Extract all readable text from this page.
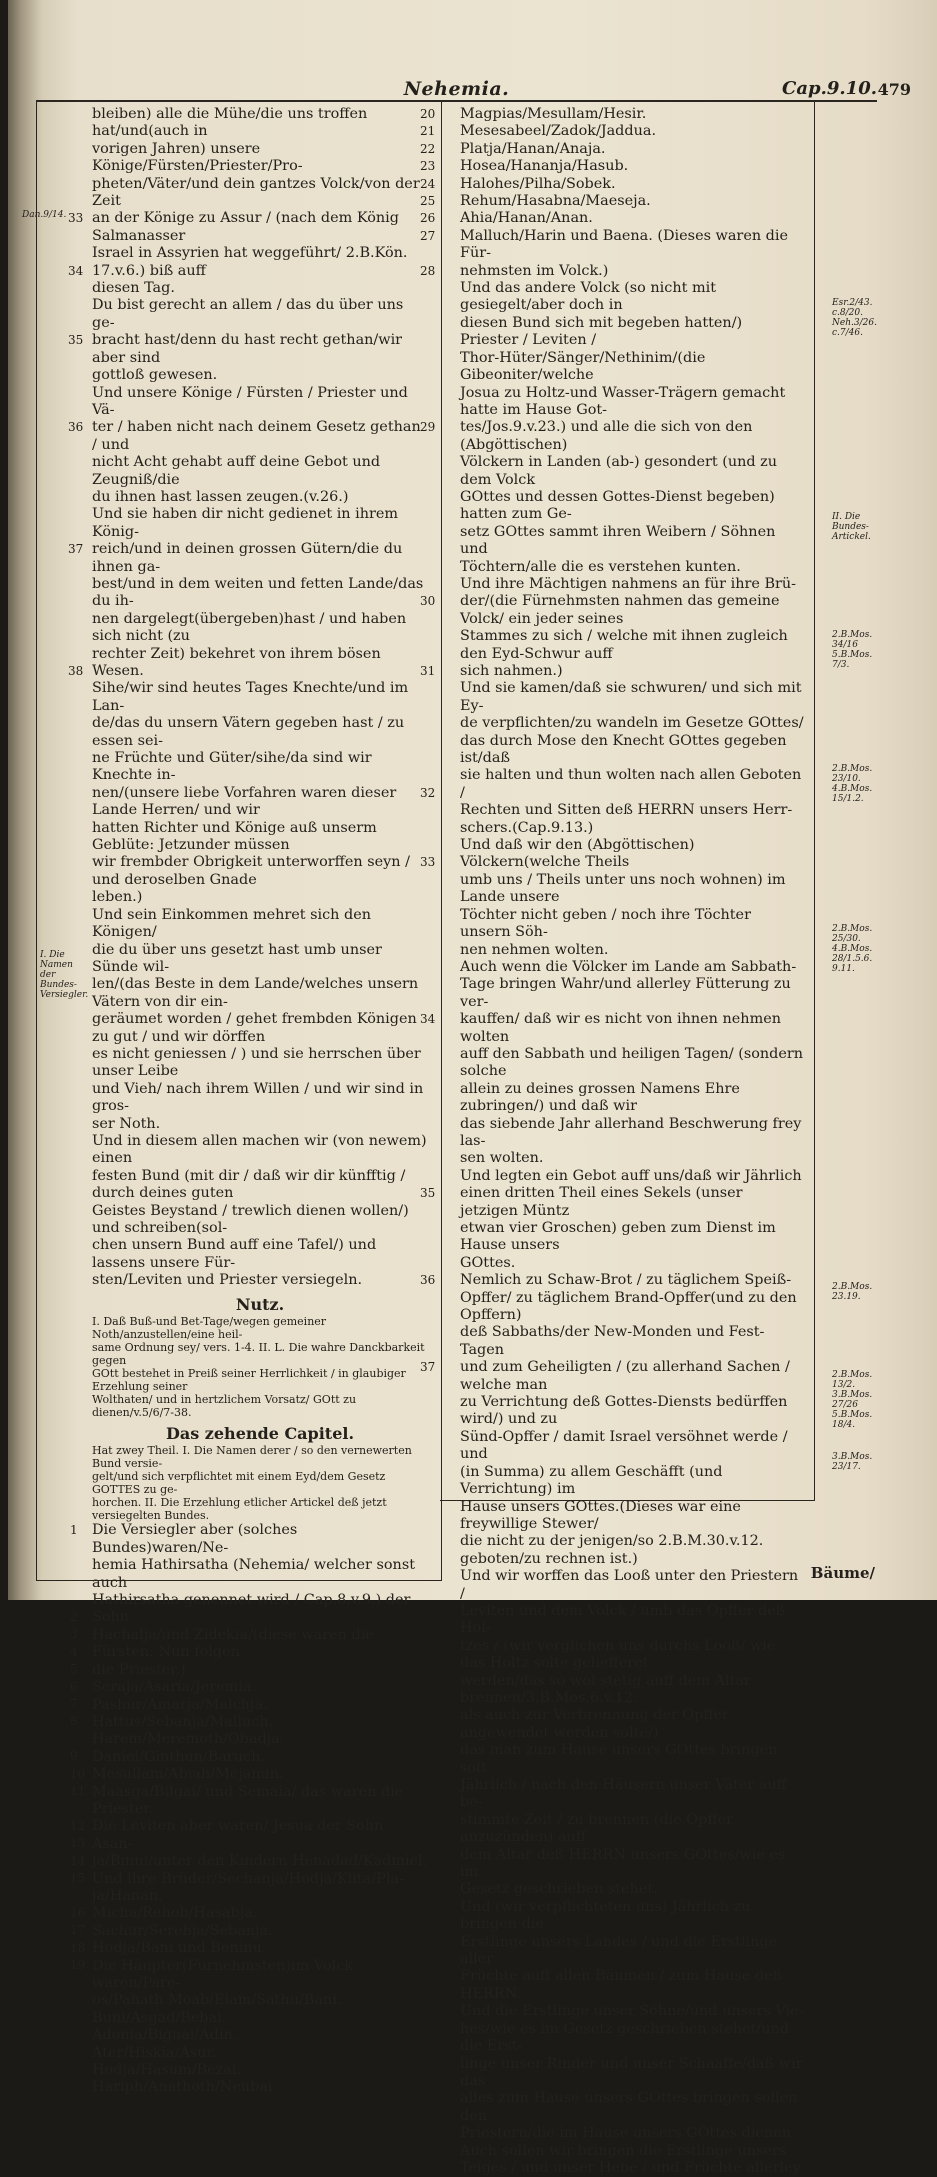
Nehemia.	Cap.9.10. 479
Dan.9/14.
I. Die Namen der Bundes-Versiegler.
Esr.2/43. c.8/20. Neh.3/26. c.7/46.
II. Die Bundes-Artickel.
2.B.Mos. 34/16 5.B.Mos. 7/3.
2.B.Mos. 23/10. 4.B.Mos. 15/1.2.
2.B.Mos. 25/30. 4.B.Mos. 28/1.5.6. 9.11.
2.B.Mos. 23.19.
2.B.Mos. 13/2. 3.B.Mos. 27/26 5.B.Mos. 18/4.
3.B.Mos. 23/17.
33
34
35
36
37
38
20
21
22
23
24
25
26
27
28
29
30
31
32
33
34
35
36
37

bleiben) alle die Mühe/die uns troffen hat/und(auch in

vorigen Jahren) unsere Könige/Fürsten/Priester/Pro-

pheten/Väter/und dein gantzes Volck/von der Zeit

an der Könige zu Assur / (nach dem König Salmanasser

Israel in Assyrien hat weggeführt/ 2.B.Kön. 17.v.6.) biß auff

diesen Tag.

Du bist gerecht an allem / das du über uns ge-

bracht hast/denn du hast recht gethan/wir aber sind

gottloß gewesen.

Und unsere Könige / Fürsten / Priester und Vä-

ter / haben nicht nach deinem Gesetz gethan / und

nicht Acht gehabt auff deine Gebot und Zeugniß/die

du ihnen hast lassen zeugen.(v.26.)

Und sie haben dir nicht gedienet in ihrem König-

reich/und in deinen grossen Gütern/die du ihnen ga-

best/und in dem weiten und fetten Lande/das du ih-

nen dargelegt(übergeben)hast / und haben sich nicht (zu

rechter Zeit) bekehret von ihrem bösen Wesen.

Sihe/wir sind heutes Tages Knechte/und im Lan-

de/das du unsern Vätern gegeben hast / zu essen sei-

ne Früchte und Güter/sihe/da sind wir Knechte in-

nen/(unsere liebe Vorfahren waren dieser Lande Herren/ und wir

hatten Richter und Könige auß unserm Geblüte: Jetzunder müssen

wir frembder Obrigkeit unterworffen seyn / und deroselben Gnade

leben.)

Und sein Einkommen mehret sich den Königen/

die du über uns gesetzt hast umb unser Sünde wil-

len/(das Beste in dem Lande/welches unsern Vätern von dir ein-

geräumet worden / gehet frembden Königen zu gut / und wir dörffen

es nicht geniessen / ) und sie herrschen über unser Leibe

und Vieh/ nach ihrem Willen / und wir sind in gros-

ser Noth.

Und in diesem allen machen wir (von newem) einen

festen Bund (mit dir / daß wir dir künfftig / durch deines guten

Geistes Beystand / trewlich dienen wollen/) und schreiben(sol-

chen unsern Bund auff eine Tafel/) und lassens unsere Für-

sten/Leviten und Priester versiegeln.

Nutz.

I. Daß Buß-und Bet-Tage/wegen gemeiner Noth/anzustellen/eine heil-

same Ordnung sey/ vers. 1-4. II. L. Die wahre Danckbarkeit gegen

GOtt bestehet in Preiß seiner Herrlichkeit / in glaubiger Erzehlung seiner

Wolthaten/ und in hertzlichem Vorsatz/ GOtt zu dienen/v.5/6/7-38.

Das zehende Capitel.

Hat zwey Theil. I. Die Namen derer / so den vernewerten Bund versie-

gelt/und sich verpflichtet mit einem Eyd/dem Gesetz GOTTES zu ge-

horchen. II. Die Erzehlung etlicher Artickel deß jetzt versiegelten Bundes.

Die Versiegler aber (solches Bundes)waren/Ne-

hemia Hathirsatha (Nehemia/ welcher sonst auch

Hathirsatha genennet wird / Cap.8.v.9.) der Sohn

Hachalja/und Zidekia/(diese waren die Fürsten: Nun folgen

die Priester.)

Seraja/Asaria/Jeremia.

Pashur/Amarja/Malchja.

Hattus/Sebanja/Malluch.

Harem/Meremoth/Obadja.

Daniel/Ginthun/Baruch.

Mesullam/Abiah/Mejamin.

Maasga/Bilgai/ und Semaia/ das waren die

Priester.

Die Leviten aber waren/ Jesua der Sohn Asan-

ja/Binui/unter den Kindern Henadad/Kadmiel.

Und ihre Brüder/Sechanja/Hodja/Klita/Pla-

ja/Hanan.

Micha/Rehob/Hasabja.

Sachur/Serebja/Sebanja.

Hodja/Bani und Beninu.

Die Häupter(Fürnehmsten)im Volck waren/Pare-

os/Pahath Moab/Elam/Sathu/Bani.

Buni/Asgad/Bebai.

Adonia/Biguai/Adin.

Ater/Hiskia/Asur.

Hodja/Hasum/Bezai.

Hariph/Anathoth/Neubai.

1
2
3
4
5
6
7
8
9
10
11
12
13
14
15
16
17
18
19

Magpias/Mesullam/Hesir.

Mesesabeel/Zadok/Jaddua.

Platja/Hanan/Anaja.

Hosea/Hananja/Hasub.

Halohes/Pilha/Sobek.

Rehum/Hasabna/Maeseja.

Ahia/Hanan/Anan.

Malluch/Harin und Baena. (Dieses waren die Für-

nehmsten im Volck.)

Und das andere Volck (so nicht mit gesiegelt/aber doch in

diesen Bund sich mit begeben hatten/) Priester / Leviten /

Thor-Hüter/Sänger/Nethinim/(die Gibeoniter/welche

Josua zu Holtz-und Wasser-Trägern gemacht hatte im Hause Got-

tes/Jos.9.v.23.) und alle die sich von den (Abgöttischen)

Völckern in Landen (ab-) gesondert (und zu dem Volck

GOttes und dessen Gottes-Dienst begeben) hatten zum Ge-

setz GOttes sammt ihren Weibern / Söhnen und

Töchtern/alle die es verstehen kunten.

Und ihre Mächtigen nahmens an für ihre Brü-

der/(die Fürnehmsten nahmen das gemeine Volck/ ein jeder seines

Stammes zu sich / welche mit ihnen zugleich den Eyd-Schwur auff

sich nahmen.)

Und sie kamen/daß sie schwuren/ und sich mit Ey-

de verpflichten/zu wandeln im Gesetze GOttes/

das durch Mose den Knecht GOttes gegeben ist/daß

sie halten und thun wolten nach allen Geboten /

Rechten und Sitten deß HERRN unsers Herr-

schers.(Cap.9.13.)

Und daß wir den (Abgöttischen) Völckern(welche Theils

umb uns / Theils unter uns noch wohnen) im Lande unsere

Töchter nicht geben / noch ihre Töchter unsern Söh-

nen nehmen wolten.

Auch wenn die Völcker im Lande am Sabbath-

Tage bringen Wahr/und allerley Fütterung zu ver-

kauffen/ daß wir es nicht von ihnen nehmen wolten

auff den Sabbath und heiligen Tagen/ (sondern solche

allein zu deines grossen Namens Ehre zubringen/) und daß wir

das siebende Jahr allerhand Beschwerung frey las-

sen wolten.

Und legten ein Gebot auff uns/daß wir Jährlich

einen dritten Theil eines Sekels (unser jetzigen Müntz

etwan vier Groschen) geben zum Dienst im Hause unsers

GOttes.

Nemlich zu Schaw-Brot / zu täglichem Speiß-

Opffer/ zu täglichem Brand-Opffer(und zu den Opffern)

deß Sabbaths/der New-Monden und Fest-Tagen

und zum Geheiligten / (zu allerhand Sachen / welche man

zu Verrichtung deß Gottes-Diensts bedürffen wird/) und zu

Sünd-Opffer / damit Israel versöhnet werde / und

(in Summa) zu allem Geschäfft (und Verrichtung) im

Hause unsers GOttes.(Dieses war eine freywillige Stewer/

die nicht zu der jenigen/so 2.B.M.30.v.12. geboten/zu rechnen ist.)

Und wir worffen das Looß unter den Priestern /

Leviten und dem Volck / umb das Opffer deß Hol-

tzes / (wir verglichen uns durchs Looß/ wie das Holtz solte geliefferet

werden/das so wol stetig auff dem Altar brennen/3.B.Mos.6.v.12.

als auch zur Verbrennung der Opffer angewendet werden solte/)

das man zum Hause unsers GOttes bringen solt

Jährlich / nach den Häusern unser Väter auff be-

stimmte Zeit / zu brennen (die Opffer anzuzünden) auff

dem Altar deß HERRN unsers GOttes/wie es im

Gesetz geschrieben stehet.

Und (wir verpflichteten uns) Jährlich zu bringen die

Erstlinge unsers Landes / und die Erstlinge aller

Früchte auff allen Bäumen / zum Hause deß

HERRN.

Und die Erstlinge unser Söhne/und unsers Vie-

hes/wie es im Gesetz geschrieben stehet/und die Erst-

linge unser Rinder und unser Schaaffe/daß wir das

alles zum Hause unsers GOttes bringen sollen den

Priestern/die im Hause unsers GOttes dienen.

Auch sollen wir bringen die Erstlinge unsers

Teiges / und unser Hebe / und Früchte allerley

Bäume/
